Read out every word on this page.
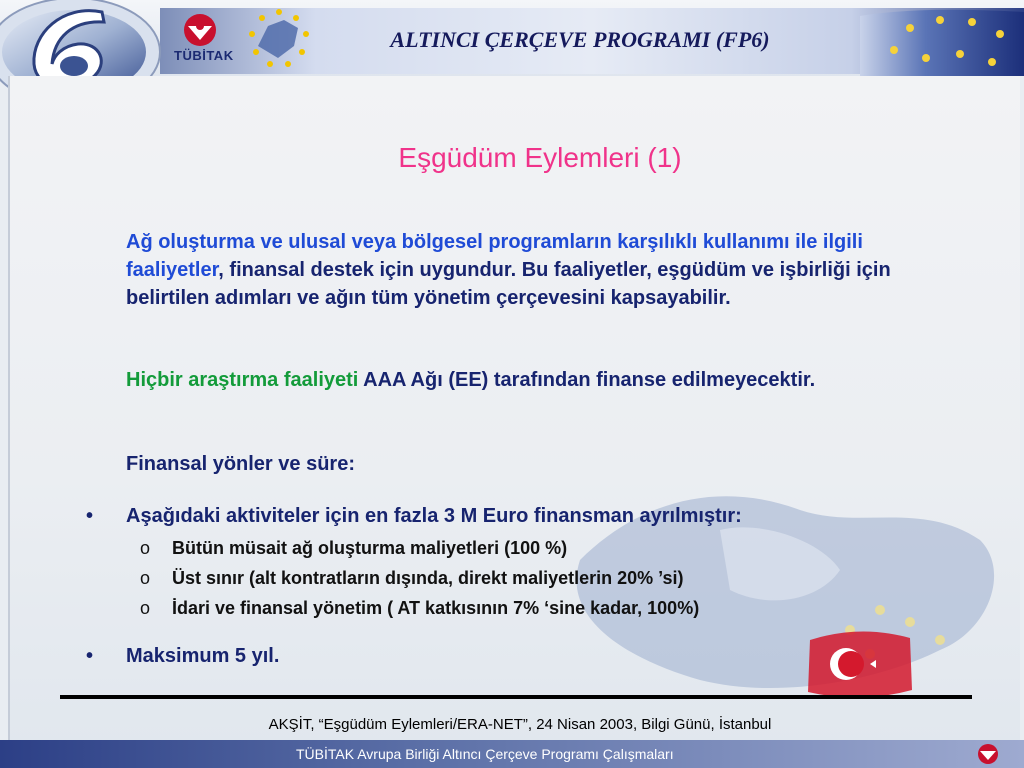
TÜBİTAK
ALTINCI ÇERÇEVE PROGRAMI (FP6)
Eşgüdüm Eylemleri (1)
Ağ oluşturma ve ulusal veya bölgesel programların karşılıklı kullanımı ile ilgili faaliyetler, finansal destek için uygundur. Bu faaliyetler, eşgüdüm ve işbirliği için belirtilen adımları ve ağın tüm yönetim çerçevesini kapsayabilir.
Hiçbir araştırma faaliyeti AAA Ağı (EE) tarafından finanse edilmeyecektir.
Finansal yönler ve süre:
• Aşağıdaki aktiviteler için en fazla 3 M Euro finansman ayrılmıştır:
o Bütün müsait ağ oluşturma maliyetleri (100 %)
o Üst sınır (alt kontratların dışında, direkt maliyetlerin 20% ’si)
o İdari ve finansal yönetim ( AT katkısının 7% ‘sine kadar, 100%)
• Maksimum 5 yıl.
AKŞİT, “Eşgüdüm Eylemleri/ERA-NET”, 24 Nisan 2003, Bilgi Günü, İstanbul
TÜBİTAK Avrupa Birliği Altıncı Çerçeve Programı Çalışmaları
